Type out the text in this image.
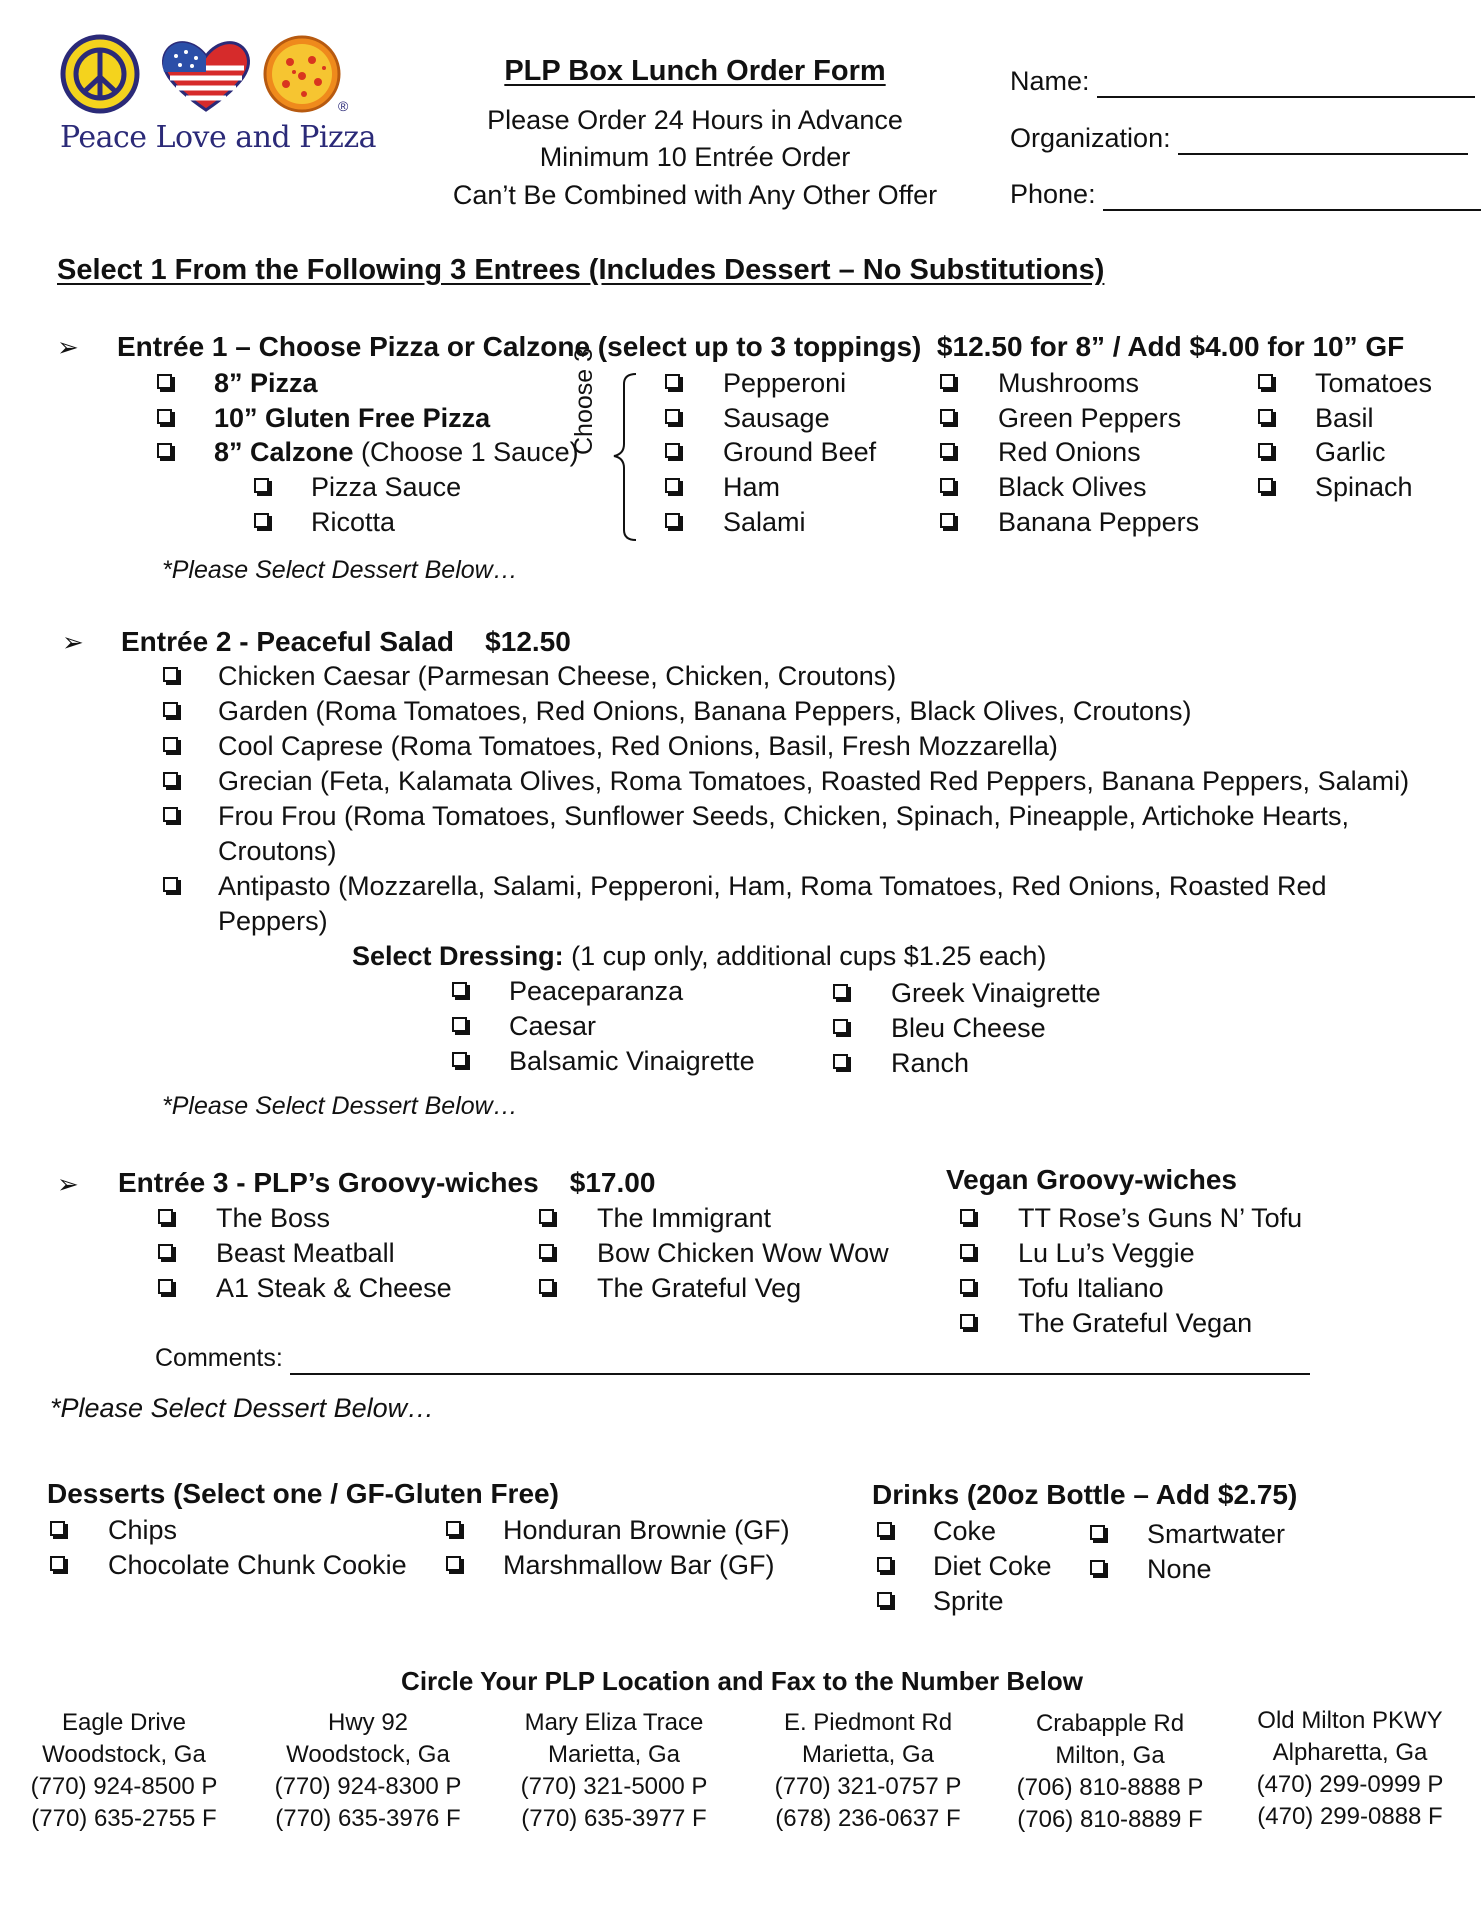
Peace Love and Pizza
®
PLP Box Lunch Order Form
Please Order 24 Hours in Advance
Minimum 10 Entrée Order
Can’t Be Combined with Any Other Offer
Name:
Organization:
Phone:
Select 1 From the Following 3 Entrees (Includes Dessert – No Substitutions)
➢ Entrée 1 – Choose Pizza or Calzone (select up to 3 toppings) $12.50 for 8” / Add $4.00 for 10” GF
8” Pizza
10” Gluten Free Pizza
8” Calzone (Choose 1 Sauce)
Pizza Sauce
Ricotta
Choose 3	Pepperoni
Sausage
Ground Beef
Ham
Salami
Mushrooms
Green Peppers
Red Onions
Black Olives
Banana Peppers
Tomatoes
Basil
Garlic
Spinach
*Please Select Dessert Below…
➢ Entrée 2 - Peaceful Salad $12.50
Chicken Caesar (Parmesan Cheese, Chicken, Croutons)
Garden (Roma Tomatoes, Red Onions, Banana Peppers, Black Olives, Croutons)
Cool Caprese (Roma Tomatoes, Red Onions, Basil, Fresh Mozzarella)
Grecian (Feta, Kalamata Olives, Roma Tomatoes, Roasted Red Peppers, Banana Peppers, Salami)
Frou Frou (Roma Tomatoes, Sunflower Seeds, Chicken, Spinach, Pineapple, Artichoke Hearts,
Croutons)
Antipasto (Mozzarella, Salami, Pepperoni, Ham, Roma Tomatoes, Red Onions, Roasted Red
Peppers)
Select Dressing: (1 cup only, additional cups $1.25 each)
Peaceparanza
Caesar
Balsamic Vinaigrette
Greek Vinaigrette
Bleu Cheese
Ranch
*Please Select Dessert Below…
➢ Entrée 3 - PLP’s Groovy-wiches $17.00	Vegan Groovy-wiches
The Boss
Beast Meatball
A1 Steak & Cheese
The Immigrant
Bow Chicken Wow Wow
The Grateful Veg
TT Rose’s Guns N’ Tofu
Lu Lu’s Veggie
Tofu Italiano
The Grateful Vegan
Comments:
*Please Select Dessert Below…
Desserts (Select one / GF-Gluten Free)
Chips
Chocolate Chunk Cookie
Honduran Brownie (GF)
Marshmallow Bar (GF)
Drinks (20oz Bottle – Add $2.75)
Coke
Diet Coke
Sprite
Smartwater
None
Circle Your PLP Location and Fax to the Number Below
Eagle Drive
Woodstock, Ga
(770) 924-8500 P
(770) 635-2755 F
Hwy 92
Woodstock, Ga
(770) 924-8300 P
(770) 635-3976 F
Mary Eliza Trace
Marietta, Ga
(770) 321-5000 P
(770) 635-3977 F
E. Piedmont Rd
Marietta, Ga
(770) 321-0757 P
(678) 236-0637 F
Crabapple Rd
Milton, Ga
(706) 810-8888 P
(706) 810-8889 F
Old Milton PKWY
Alpharetta, Ga
(470) 299-0999 P
(470) 299-0888 F
